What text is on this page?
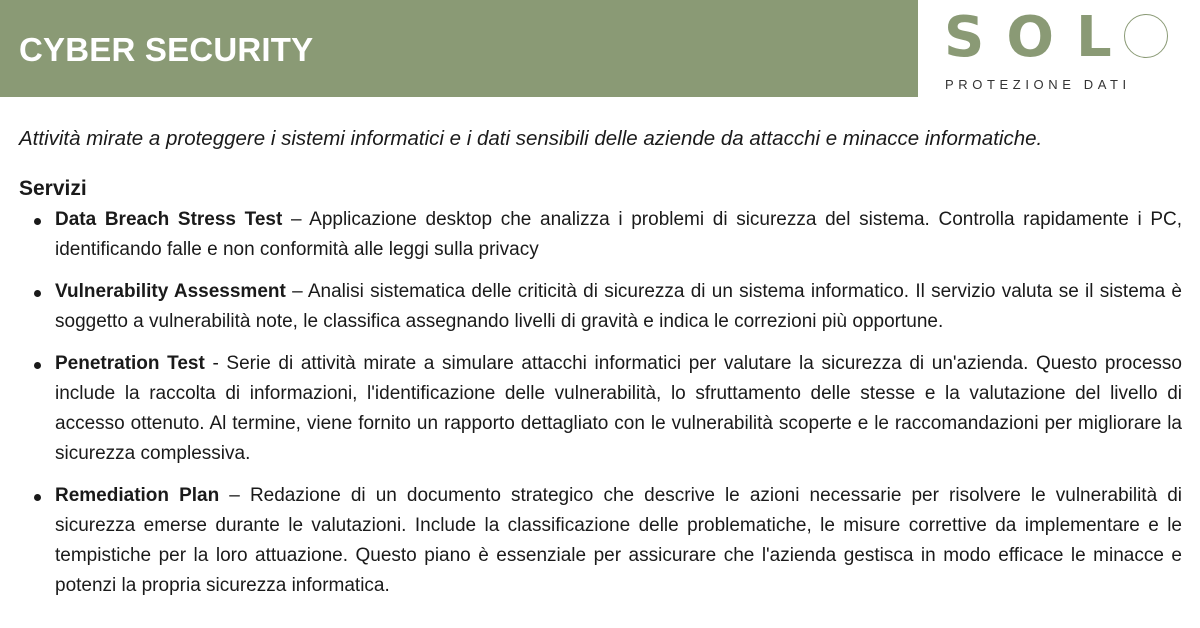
CYBER SECURITY	SOL
PROTEZIONE DATI
Attività mirate a proteggere i sistemi informatici e i dati sensibili delle aziende da attacchi e minacce informatiche.
Servizi
Data Breach Stress Test – Applicazione desktop che analizza i problemi di sicurezza del sistema. Controlla rapidamente i PC, identificando falle e non conformità alle leggi sulla privacy
Vulnerability Assessment – Analisi sistematica delle criticità di sicurezza di un sistema informatico. Il servizio valuta se il sistema è soggetto a vulnerabilità note, le classifica assegnando livelli di gravità e indica le correzioni più opportune.
Penetration Test - Serie di attività mirate a simulare attacchi informatici per valutare la sicurezza di un'azienda. Questo processo include la raccolta di informazioni, l'identificazione delle vulnerabilità, lo sfruttamento delle stesse e la valutazione del livello di accesso ottenuto. Al termine, viene fornito un rapporto dettagliato con le vulnerabilità scoperte e le raccomandazioni per migliorare la sicurezza complessiva.
Remediation Plan – Redazione di un documento strategico che descrive le azioni necessarie per risolvere le vulnerabilità di sicurezza emerse durante le valutazioni. Include la classificazione delle problematiche, le misure correttive da implementare e le tempistiche per la loro attuazione. Questo piano è essenziale per assicurare che l'azienda gestisca in modo efficace le minacce e potenzi la propria sicurezza informatica.
